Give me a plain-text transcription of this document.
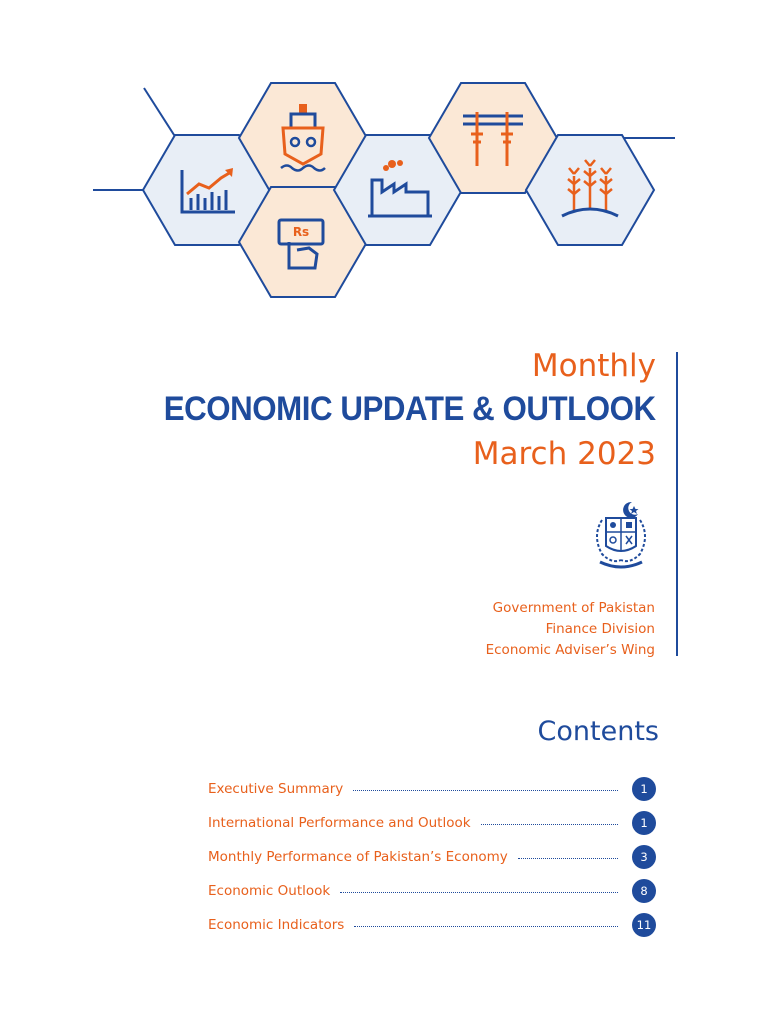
Rs
Monthly
ECONOMIC UPDATE & OUTLOOK
March 2023
Government of Pakistan
Finance Division
Economic Adviser’s Wing
Contents
Executive Summary	1
International Performance and Outlook	1
Monthly Performance of Pakistan’s Economy	3
Economic Outlook	8
Economic Indicators	11
